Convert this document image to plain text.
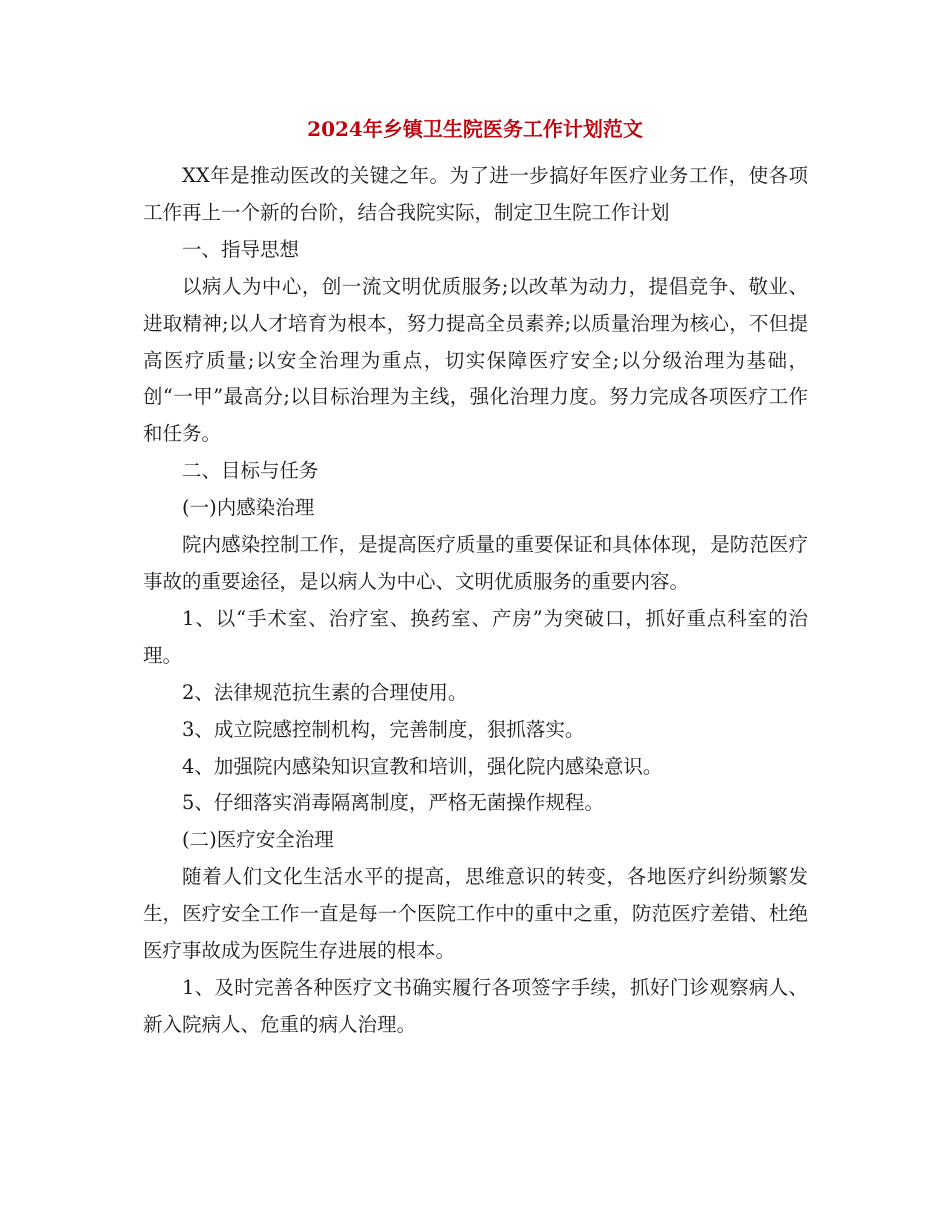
2024年乡镇卫生院医务工作计划范文

XX年是推动医改的关键之年。为了进一步搞好年医疗业务工作，使各项工作再上一个新的台阶，结合我院实际，制定卫生院工作计划

一、指导思想

以病人为中心，创一流文明优质服务;以改革为动力，提倡竞争、敬业、进取精神;以人才培育为根本，努力提高全员素养;以质量治理为核心，不但提高医疗质量;以安全治理为重点，切实保障医疗安全;以分级治理为基础，创“一甲”最高分;以目标治理为主线，强化治理力度。努力完成各项医疗工作和任务。

二、目标与任务

(一)内感染治理

院内感染控制工作，是提高医疗质量的重要保证和具体体现，是防范医疗事故的重要途径，是以病人为中心、文明优质服务的重要内容。

1、以“手术室、治疗室、换药室、产房”为突破口，抓好重点科室的治理。

2、法律规范抗生素的合理使用。

3、成立院感控制机构，完善制度，狠抓落实。

4、加强院内感染知识宣教和培训，强化院内感染意识。

5、仔细落实消毒隔离制度，严格无菌操作规程。

(二)医疗安全治理

随着人们文化生活水平的提高，思维意识的转变，各地医疗纠纷频繁发生，医疗安全工作一直是每一个医院工作中的重中之重，防范医疗差错、杜绝医疗事故成为医院生存进展的根本。

1、及时完善各种医疗文书确实履行各项签字手续，抓好门诊观察病人、新入院病人、危重的病人治理。
